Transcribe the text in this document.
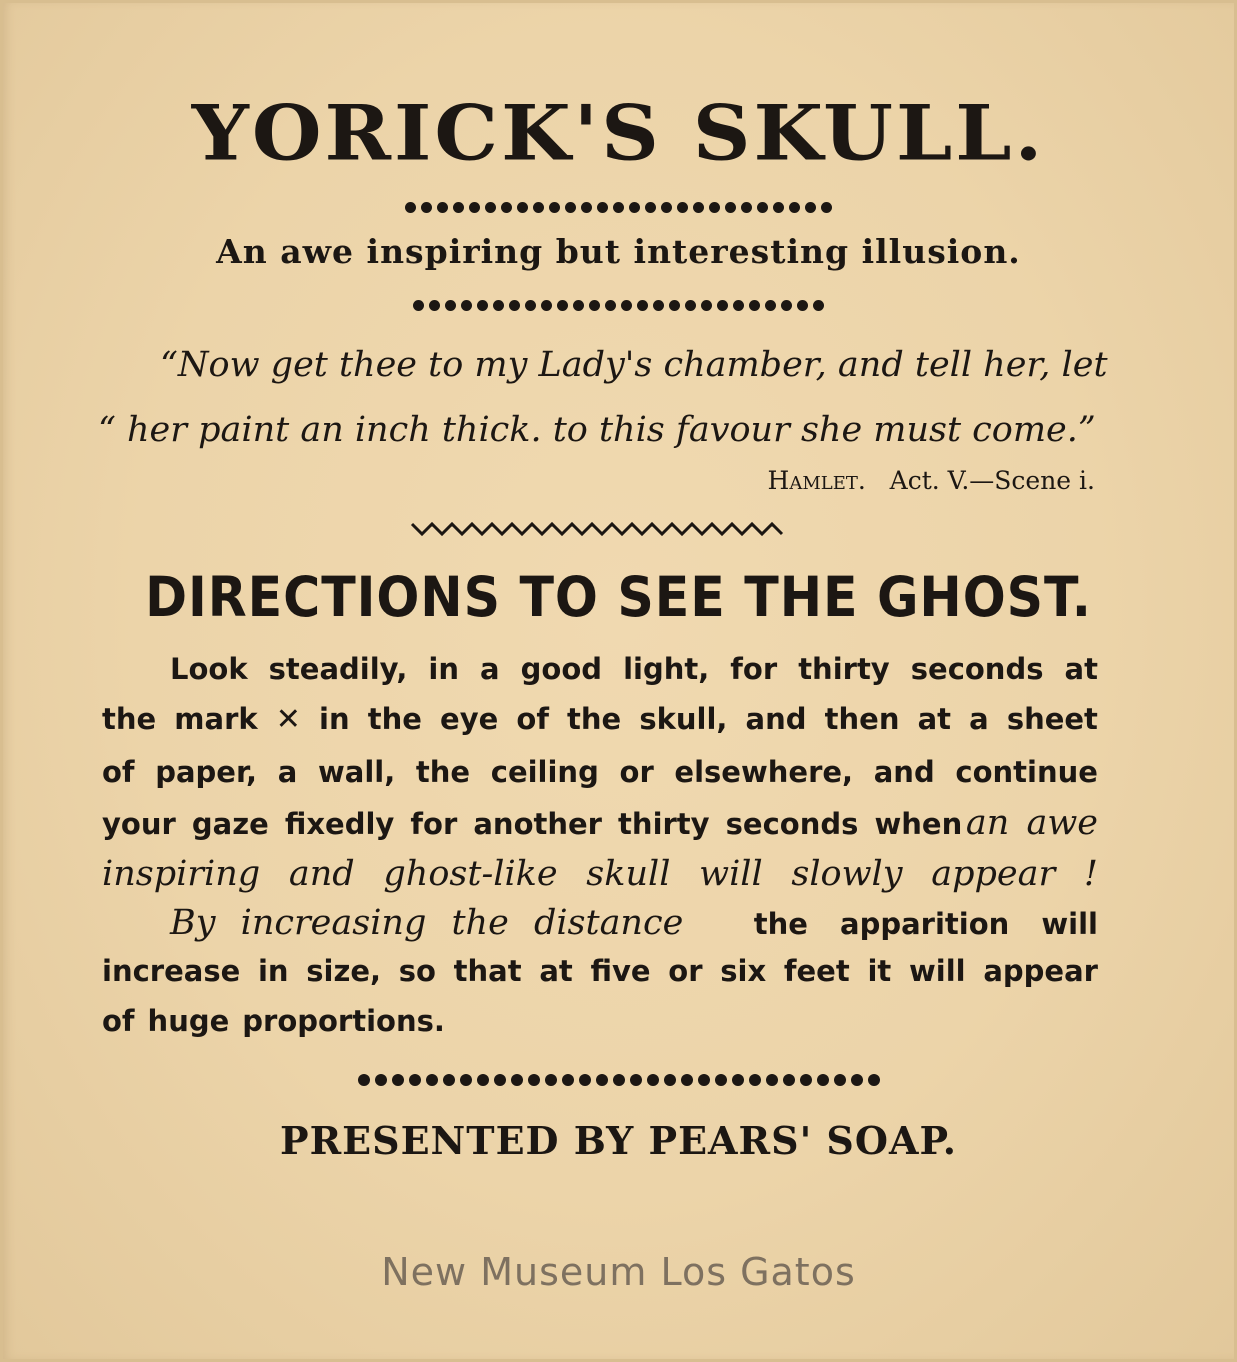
YORICK'S SKULL.
An awe inspiring but interesting illusion.
“Now get thee to my Lady's chamber, and tell her, let
“ her paint an inch thick. to this favour she must come.”
Hamlet. Act. V.—Scene i.
DIRECTIONS TO SEE THE GHOST.
Look steadily, in a good light, for thirty seconds at
the mark ✕ in the eye of the skull, and then at a sheet
of paper, a wall, the ceiling or elsewhere, and continue
your gaze fixedly for another thirty seconds when an awe
inspiring and ghost-like skull will slowly appear !
By increasing the distance the apparition will
increase in size, so that at five or six feet it will appear
of huge proportions.
PRESENTED BY PEARS' SOAP.
New Museum Los Gatos
